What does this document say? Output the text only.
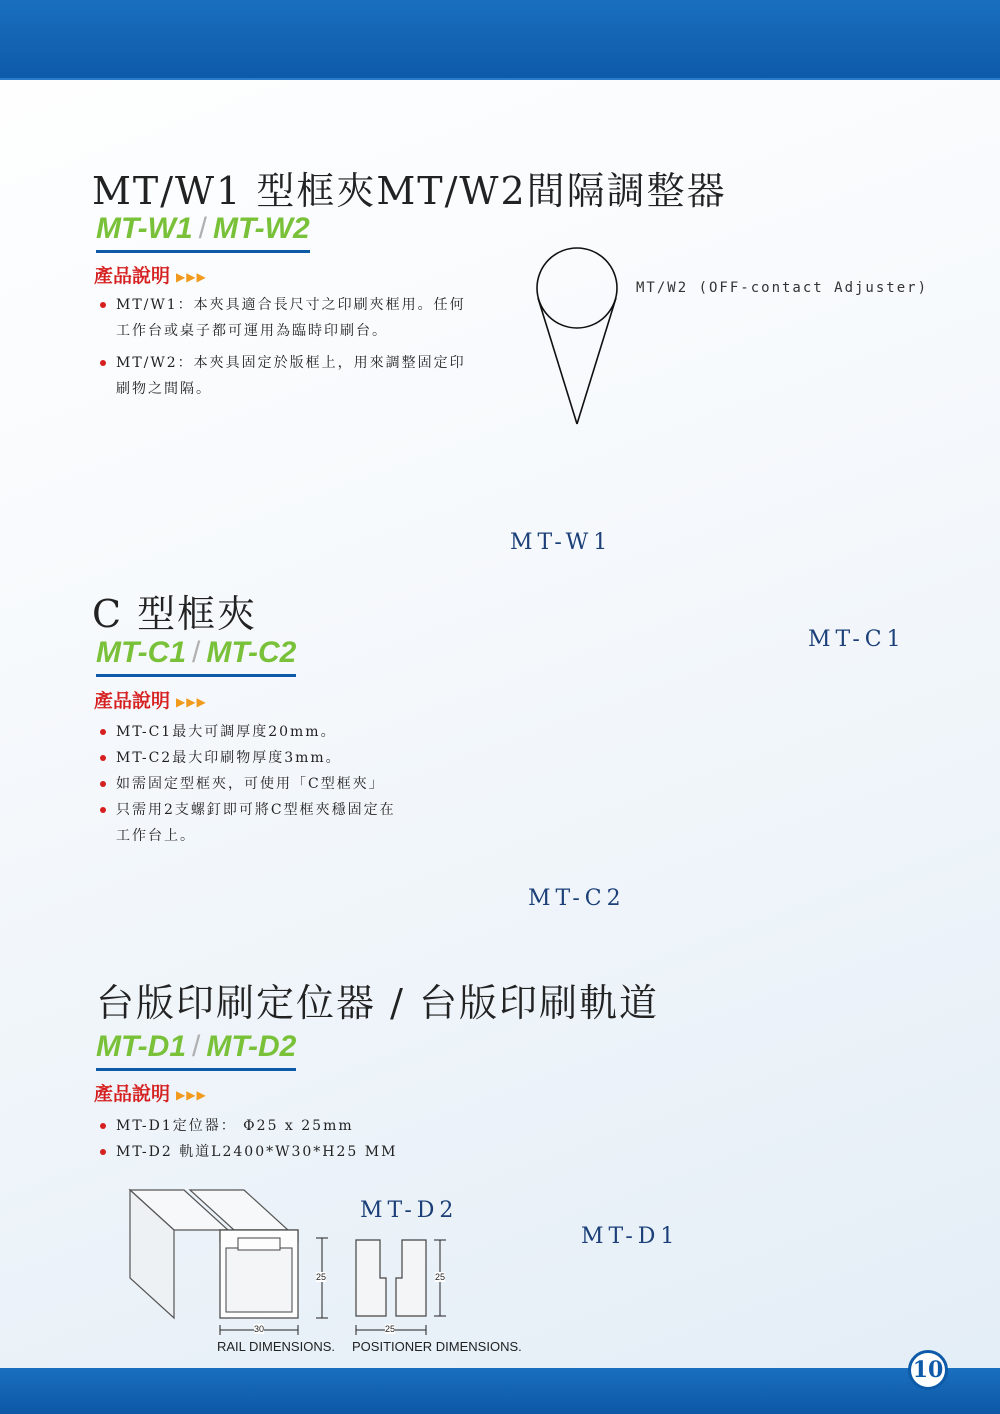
MT/W1 型框夾MT/W2間隔調整器
MT-W1 / MT-W2
產品說明 ▶▶▶
MT/W1：本夾具適合長尺寸之印刷夾框用。任何工作台或桌子都可運用為臨時印刷台。
MT/W2：本夾具固定於版框上，用來調整固定印刷物之間隔。
MT/W2 (OFF-contact Adjuster)
MT-W1
C 型框夾
MT-C1 / MT-C2	MT-C1
產品說明 ▶▶▶
MT-C1最大可調厚度20mm。
MT-C2最大印刷物厚度3mm。
如需固定型框夾，可使用「C型框夾」
只需用2支螺釘即可將C型框夾穩固定在工作台上。
MT-C2
台版印刷定位器 / 台版印刷軌道
MT-D1 / MT-D2
產品說明 ▶▶▶
MT-D1定位器： Φ25 x 25mm
MT-D2 軌道L2400*W30*H25 MM
25
30
25
25
RAIL DIMENSIONS. POSITIONER DIMENSIONS.
MT-D2
MT-D1
10
